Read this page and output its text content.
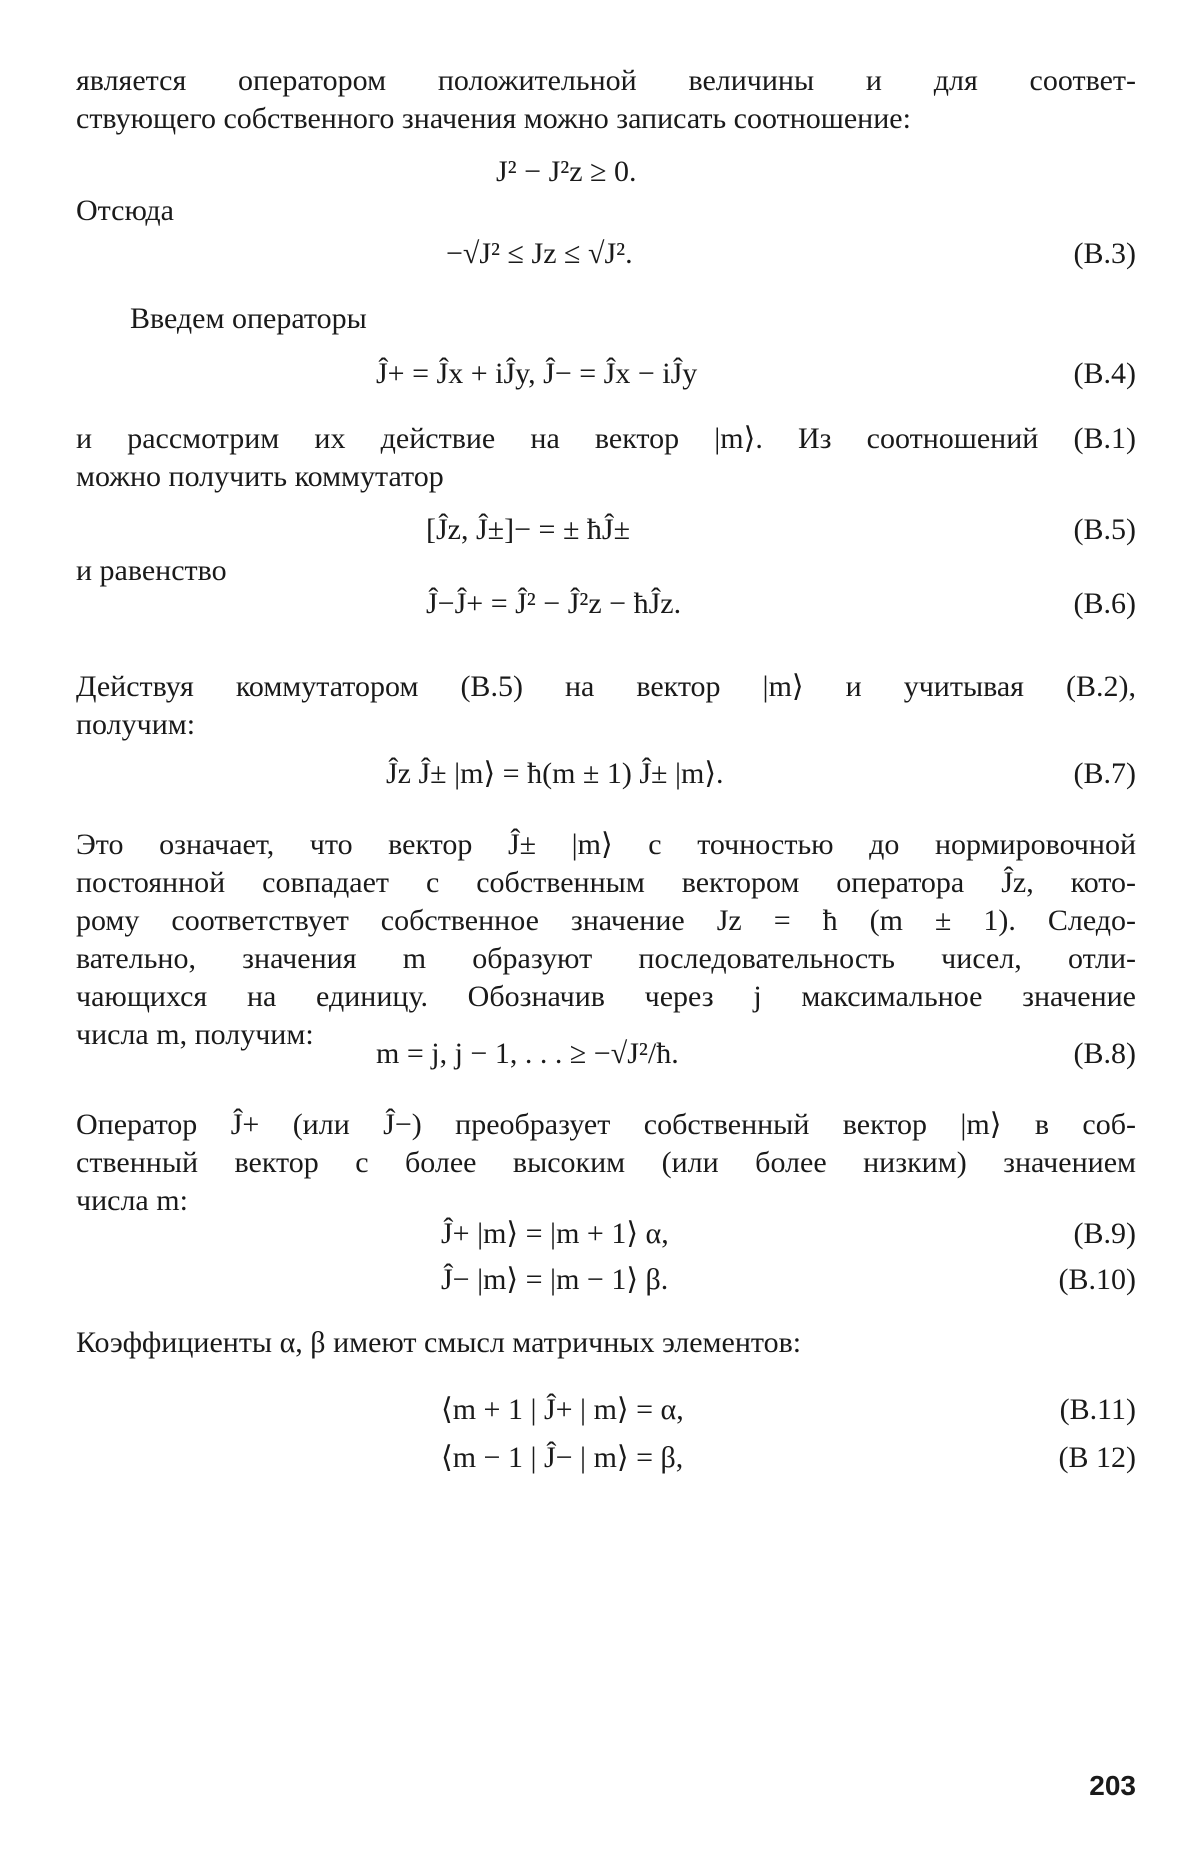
является оператором положительной величины и для соответ-
ствующего собственного значения можно записать соотношение:

J² − J²z ≥ 0.

Отсюда

−√J² ≤ Jz ≤ √J².	(В.3)

Введем операторы

Ĵ+ = Ĵx + iĴy, Ĵ− = Ĵx − iĴy	(В.4)

и рассмотрим их действие на вектор |m⟩. Из соотношений (В.1)
можно получить коммутатор

[Ĵz, Ĵ±]− = ± ħĴ±	(В.5)

и равенство

Ĵ−Ĵ+ = Ĵ² − Ĵ²z − ħĴz.	(В.6)

Действуя коммутатором (В.5) на вектор |m⟩ и учитывая (В.2),
получим:

Ĵz Ĵ± |m⟩ = ħ(m ± 1) Ĵ± |m⟩.	(В.7)

Это означает, что вектор Ĵ± |m⟩ с точностью до нормировочной
постоянной совпадает с собственным вектором оператора Ĵz, кото-
рому соответствует собственное значение Jz = ħ (m ± 1). Следо-
вательно, значения m образуют последовательность чисел, отли-
чающихся на единицу. Обозначив через j максимальное значение
числа m, получим:

m = j, j − 1, . . . ≥ −√J²/ħ.	(В.8)

Оператор Ĵ+ (или Ĵ−) преобразует собственный вектор |m⟩ в соб-
ственный вектор с более высоким (или более низким) значением
числа m:

Ĵ+ |m⟩ = |m + 1⟩ α,	(В.9)
Ĵ− |m⟩ = |m − 1⟩ β.	(В.10)

Коэффициенты α, β имеют смысл матричных элементов:

⟨m + 1 | Ĵ+ | m⟩ = α,	(В.11)
⟨m − 1 | Ĵ− | m⟩ = β,	(В 12)
203
